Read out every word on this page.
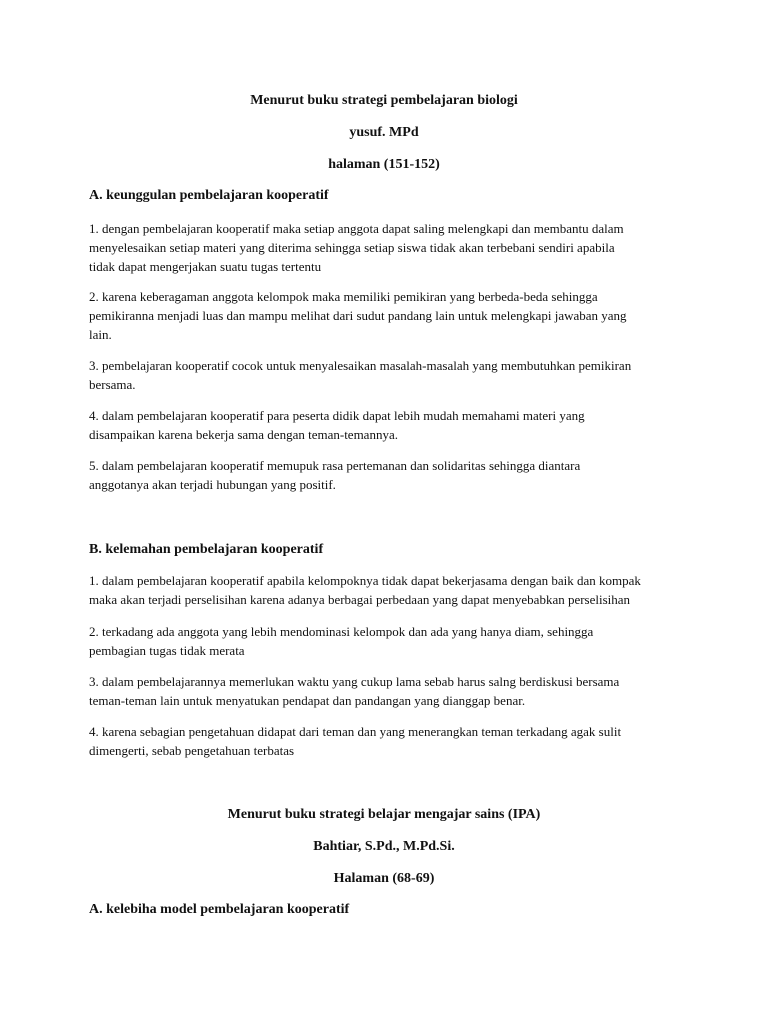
Menurut buku strategi pembelajaran biologi
yusuf. MPd
halaman (151-152)
A. keunggulan pembelajaran kooperatif
1. dengan pembelajaran kooperatif maka setiap anggota dapat saling melengkapi dan membantu dalam
menyelesaikan setiap materi yang diterima sehingga setiap siswa tidak akan terbebani sendiri apabila
tidak dapat mengerjakan suatu tugas tertentu
2. karena keberagaman anggota kelompok maka memiliki pemikiran yang berbeda-beda sehingga
pemikiranna menjadi luas dan mampu melihat dari sudut pandang lain untuk melengkapi jawaban yang
lain.
3. pembelajaran kooperatif cocok untuk menyalesaikan masalah-masalah yang membutuhkan pemikiran
bersama.
4. dalam pembelajaran kooperatif para peserta didik dapat lebih mudah memahami materi yang
disampaikan karena bekerja sama dengan teman-temannya.
5. dalam pembelajaran kooperatif memupuk rasa pertemanan dan solidaritas sehingga diantara
anggotanya akan terjadi hubungan yang positif.
B. kelemahan pembelajaran kooperatif
1. dalam pembelajaran kooperatif apabila kelompoknya tidak dapat bekerjasama dengan baik dan kompak
maka akan terjadi perselisihan karena adanya berbagai perbedaan yang dapat menyebabkan perselisihan
2. terkadang ada anggota yang lebih mendominasi kelompok dan ada yang hanya diam, sehingga
pembagian tugas tidak merata
3. dalam pembelajarannya memerlukan waktu yang cukup lama sebab harus salng berdiskusi bersama
teman-teman lain untuk menyatukan pendapat dan pandangan yang dianggap benar.
4. karena sebagian pengetahuan didapat dari teman dan yang menerangkan teman terkadang agak sulit
dimengerti, sebab pengetahuan terbatas
Menurut buku strategi belajar mengajar sains (IPA)
Bahtiar, S.Pd., M.Pd.Si.
Halaman (68-69)
A. kelebiha model pembelajaran kooperatif
